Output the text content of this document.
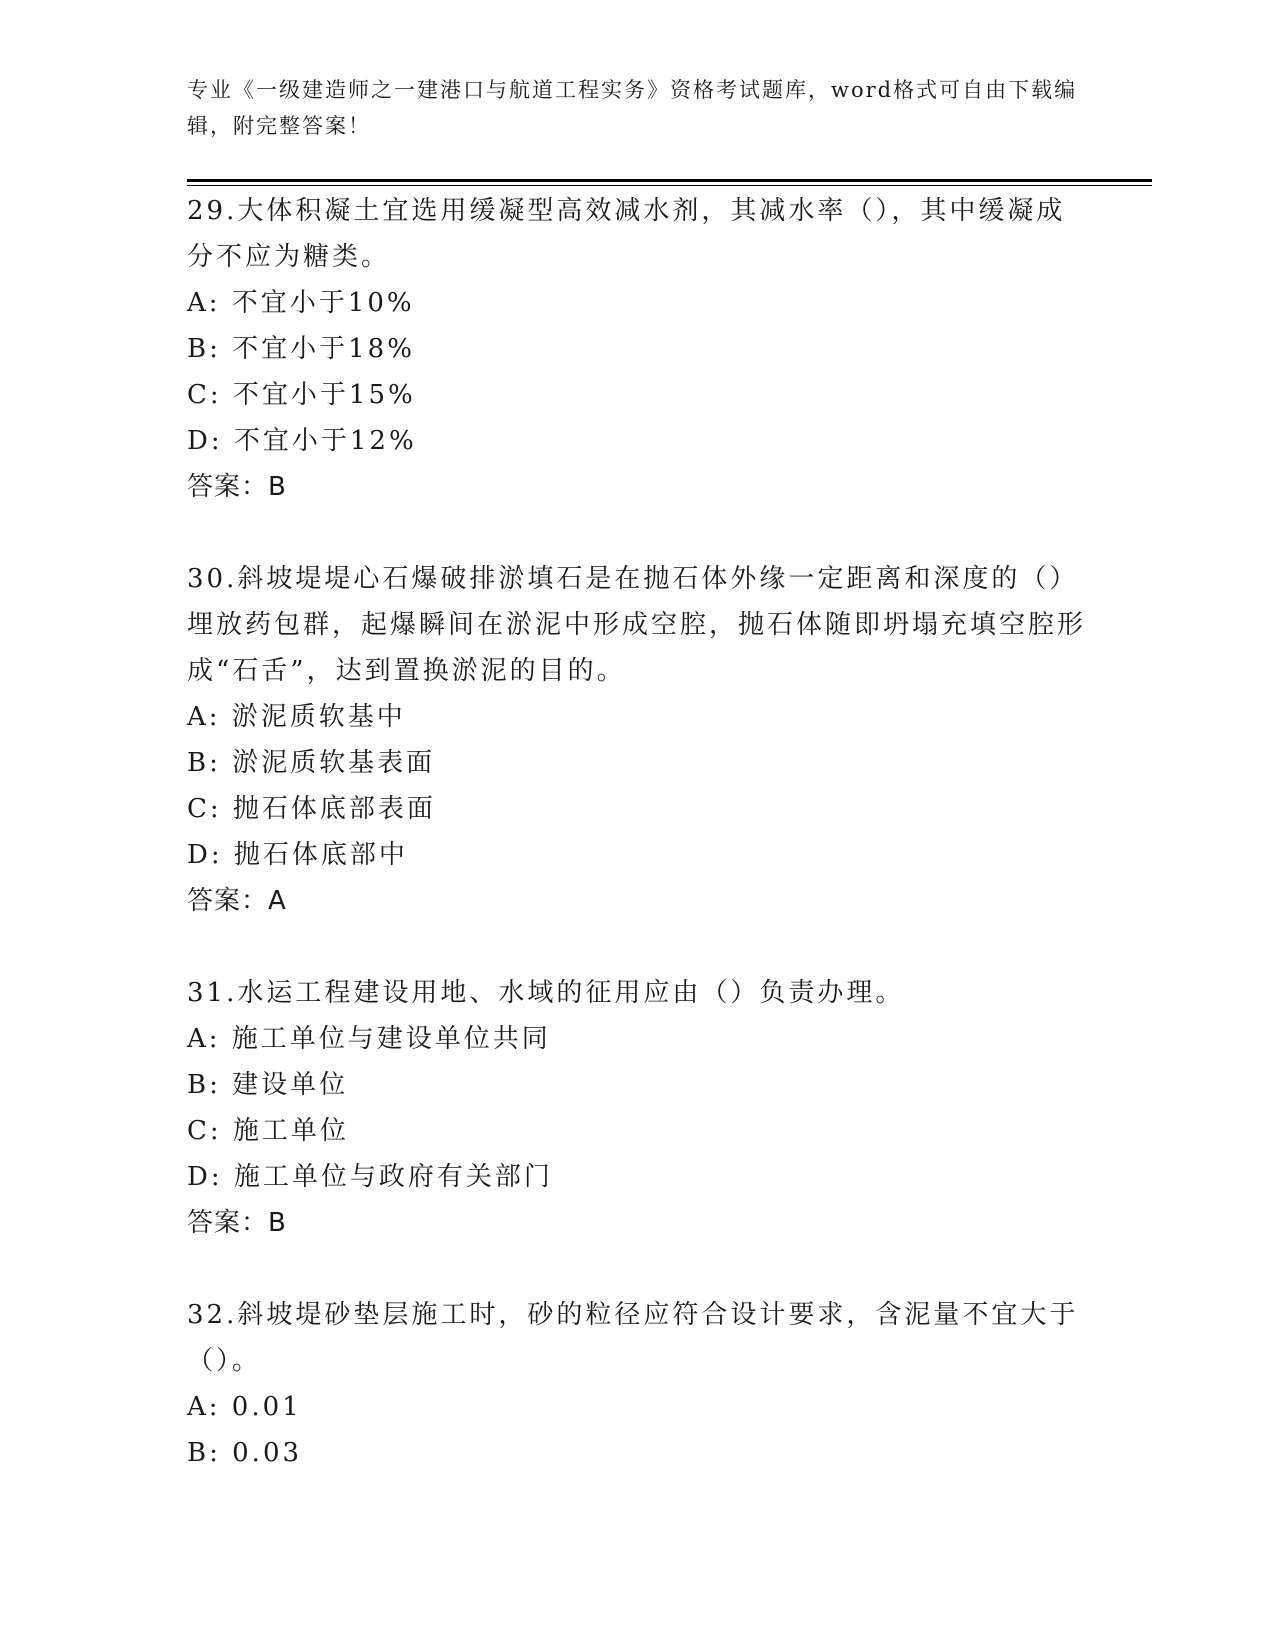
专业《一级建造师之一建港口与航道工程实务》资格考试题库，word格式可自由下载编辑，附完整答案！
29.大体积凝土宜选用缓凝型高效减水剂，其减水率（），其中缓凝成分不应为糖类。
A: 不宜小于10%
B: 不宜小于18%
C: 不宜小于15%
D: 不宜小于12%
答案：B
30.斜坡堤堤心石爆破排淤填石是在抛石体外缘一定距离和深度的（）埋放药包群，起爆瞬间在淤泥中形成空腔，抛石体随即坍塌充填空腔形成“石舌”，达到置换淤泥的目的。
A: 淤泥质软基中
B: 淤泥质软基表面
C: 抛石体底部表面
D: 抛石体底部中
答案：A
31.水运工程建设用地、水域的征用应由（）负责办理。
A: 施工单位与建设单位共同
B: 建设单位
C: 施工单位
D: 施工单位与政府有关部门
答案：B
32.斜坡堤砂垫层施工时，砂的粒径应符合设计要求，含泥量不宜大于（）。
A: 0.01
B: 0.03
